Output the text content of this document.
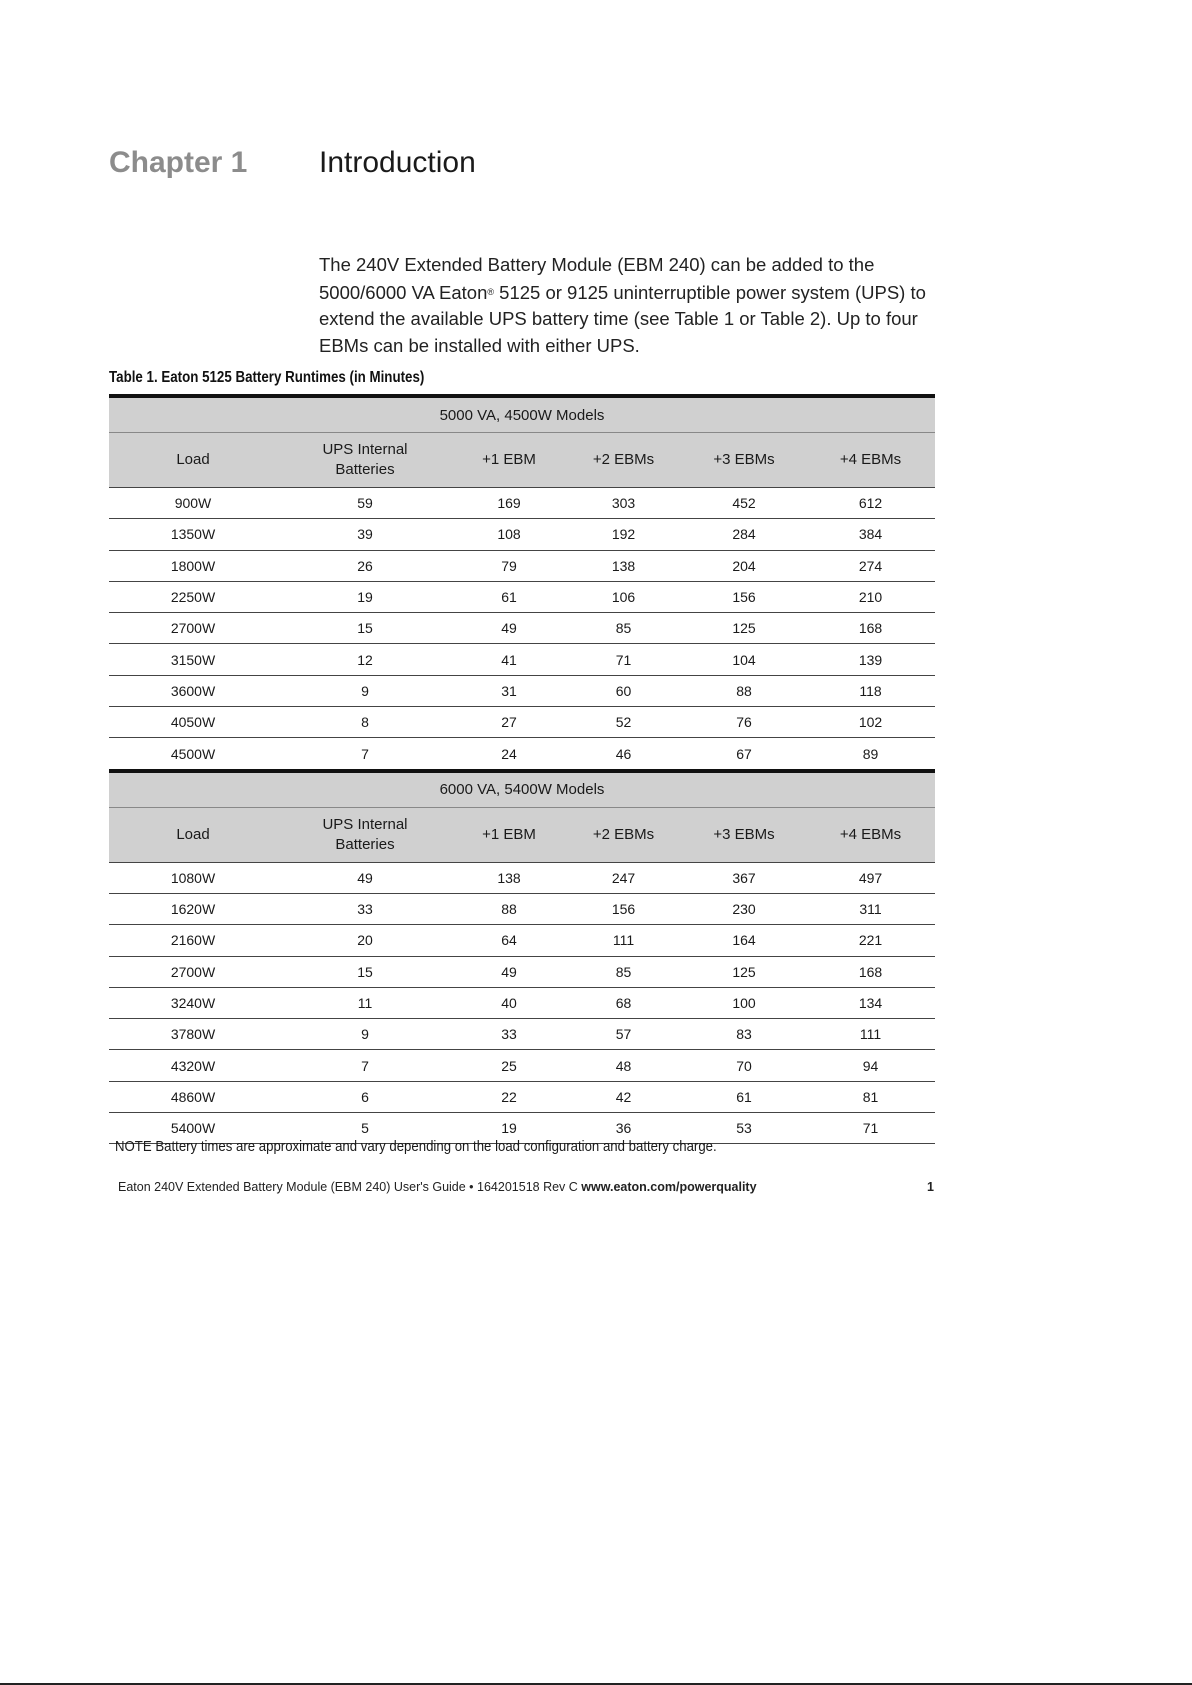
Chapter 1 Introduction

The 240V Extended Battery Module (EBM 240) can be added to the 5000/6000 VA Eaton® 5125 or 9125 uninterruptible power system (UPS) to extend the available UPS battery time (see Table 1 or Table 2). Up to four EBMs can be installed with either UPS.

Table 1. Eaton 5125 Battery Runtimes (in Minutes)
5000 VA, 4500W Models					
Load	UPS Internal Batteries	+1 EBM	+2 EBMs	+3 EBMs	+4 EBMs
900W	59	169	303	452	612
1350W	39	108	192	284	384
1800W	26	79	138	204	274
2250W	19	61	106	156	210
2700W	15	49	85	125	168
3150W	12	41	71	104	139
3600W	9	31	60	88	118
4050W	8	27	52	76	102
4500W	7	24	46	67	89
6000 VA, 5400W Models					
Load	UPS Internal Batteries	+1 EBM	+2 EBMs	+3 EBMs	+4 EBMs
1080W	49	138	247	367	497
1620W	33	88	156	230	311
2160W	20	64	111	164	221
2700W	15	49	85	125	168
3240W	11	40	68	100	134
3780W	9	33	57	83	111
4320W	7	25	48	70	94
4860W	6	22	42	61	81
5400W	5	19	36	53	71
NOTE Battery times are approximate and vary depending on the load configuration and battery charge.
Eaton 240V Extended Battery Module (EBM 240) User's Guide • 164201518 Rev C www.eaton.com/powerquality	1
